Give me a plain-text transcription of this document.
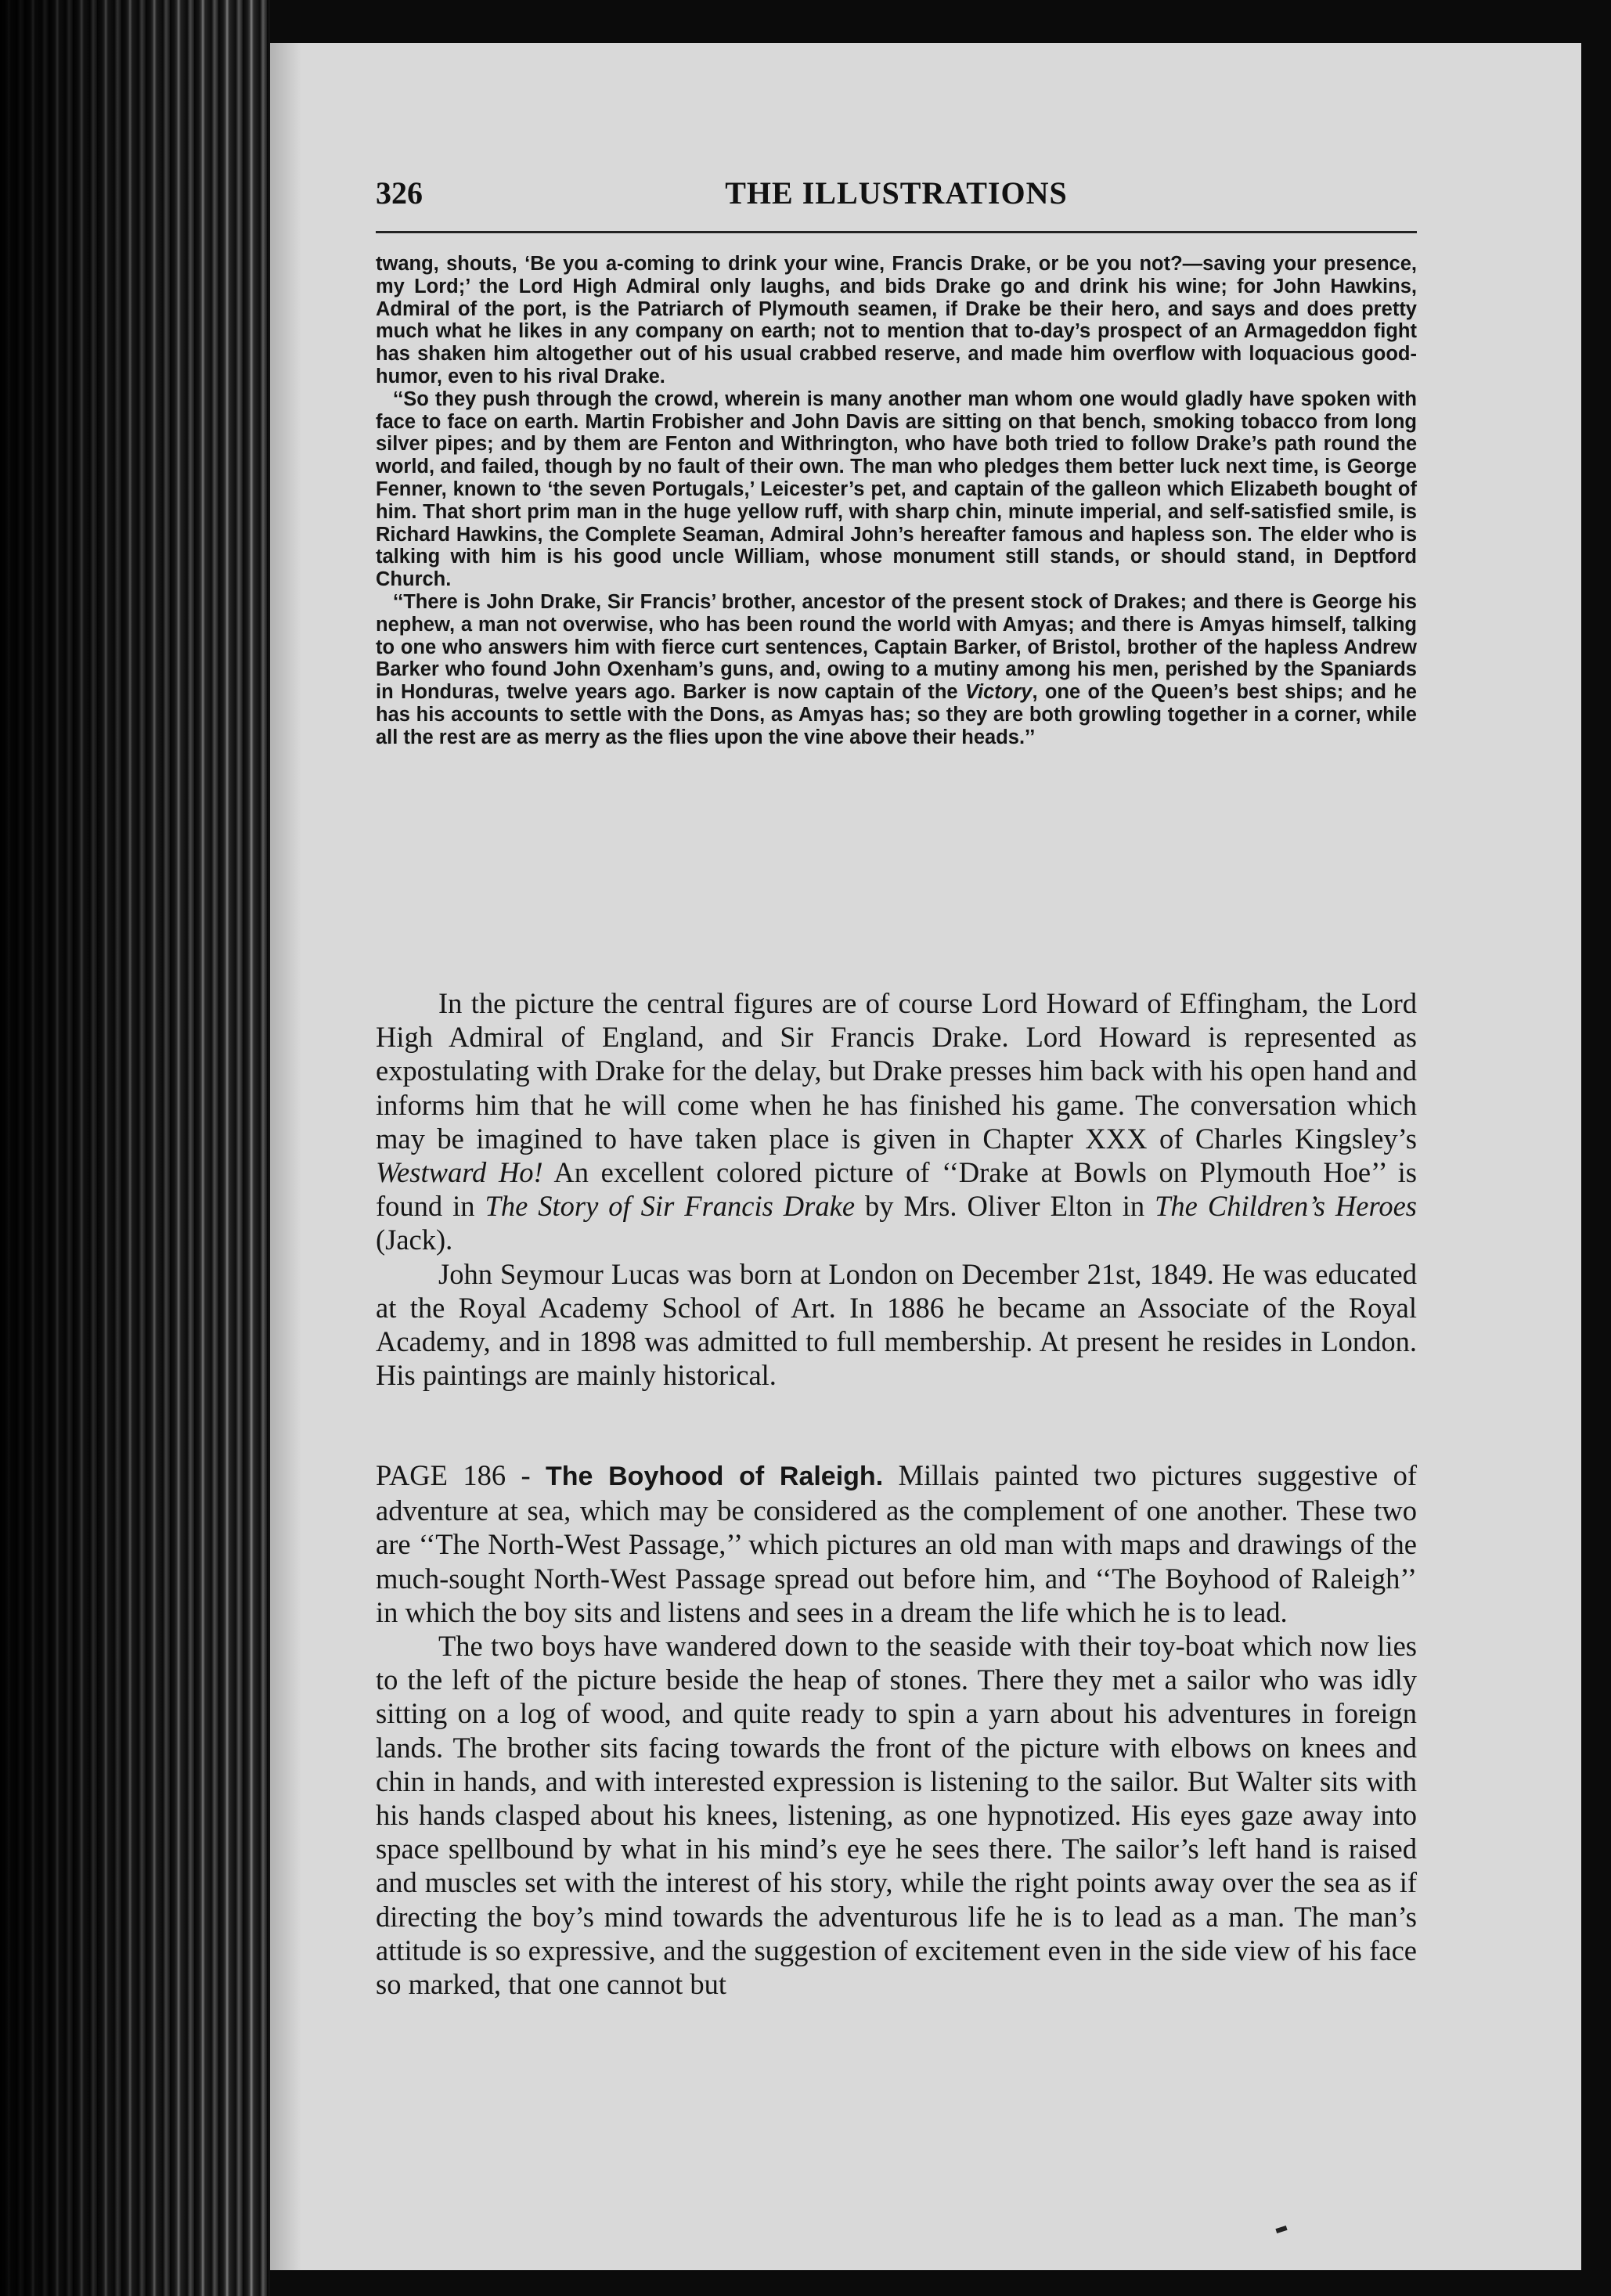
326	THE ILLUSTRATIONS

twang, shouts, ‘Be you a-coming to drink your wine, Francis Drake, or be you not?—saving your presence, my Lord;’ the Lord High Admiral only laughs, and bids Drake go and drink his wine; for John Hawkins, Admiral of the port, is the Patriarch of Plymouth seamen, if Drake be their hero, and says and does pretty much what he likes in any company on earth; not to mention that to-day’s prospect of an Armageddon fight has shaken him altogether out of his usual crabbed reserve, and made him overflow with loquacious good-humor, even to his rival Drake.

‘‘So they push through the crowd, wherein is many another man whom one would gladly have spoken with face to face on earth. Martin Frobisher and John Davis are sitting on that bench, smoking tobacco from long silver pipes; and by them are Fenton and Withrington, who have both tried to follow Drake’s path round the world, and failed, though by no fault of their own. The man who pledges them better luck next time, is George Fenner, known to ‘the seven Portugals,’ Leicester’s pet, and captain of the galleon which Elizabeth bought of him. That short prim man in the huge yellow ruff, with sharp chin, minute imperial, and self-satisfied smile, is Richard Hawkins, the Complete Seaman, Admiral John’s hereafter famous and hapless son. The elder who is talking with him is his good uncle William, whose monument still stands, or should stand, in Deptford Church.

‘‘There is John Drake, Sir Francis’ brother, ancestor of the present stock of Drakes; and there is George his nephew, a man not overwise, who has been round the world with Amyas; and there is Amyas himself, talking to one who answers him with fierce curt sentences, Captain Barker, of Bristol, brother of the hapless Andrew Barker who found John Oxenham’s guns, and, owing to a mutiny among his men, perished by the Spaniards in Honduras, twelve years ago. Barker is now captain of the Victory, one of the Queen’s best ships; and he has his accounts to settle with the Dons, as Amyas has; so they are both growling together in a corner, while all the rest are as merry as the flies upon the vine above their heads.’’

In the picture the central figures are of course Lord Howard of Effingham, the Lord High Admiral of England, and Sir Francis Drake. Lord Howard is represented as expostulating with Drake for the delay, but Drake presses him back with his open hand and informs him that he will come when he has finished his game. The conversation which may be imagined to have taken place is given in Chapter XXX of Charles Kingsley’s Westward Ho! An excellent colored picture of ‘‘Drake at Bowls on Plymouth Hoe’’ is found in The Story of Sir Francis Drake by Mrs. Oliver Elton in The Children’s Heroes (Jack).

John Seymour Lucas was born at London on December 21st, 1849. He was educated at the Royal Academy School of Art. In 1886 he became an Associate of the Royal Academy, and in 1898 was admitted to full membership. At present he resides in London. His paintings are mainly historical.

PAGE 186 - The Boyhood of Raleigh. Millais painted two pictures suggestive of adventure at sea, which may be considered as the complement of one another. These two are ‘‘The North-West Passage,’’ which pictures an old man with maps and drawings of the much-sought North-West Passage spread out before him, and ‘‘The Boyhood of Raleigh’’ in which the boy sits and listens and sees in a dream the life which he is to lead.

The two boys have wandered down to the seaside with their toy-boat which now lies to the left of the picture beside the heap of stones. There they met a sailor who was idly sitting on a log of wood, and quite ready to spin a yarn about his adventures in foreign lands. The brother sits facing towards the front of the picture with elbows on knees and chin in hands, and with interested expression is listening to the sailor. But Walter sits with his hands clasped about his knees, listening, as one hypnotized. His eyes gaze away into space spellbound by what in his mind’s eye he sees there. The sailor’s left hand is raised and muscles set with the interest of his story, while the right points away over the sea as if directing the boy’s mind towards the adventurous life he is to lead as a man. The man’s attitude is so expressive, and the suggestion of excitement even in the side view of his face so marked, that one cannot but
